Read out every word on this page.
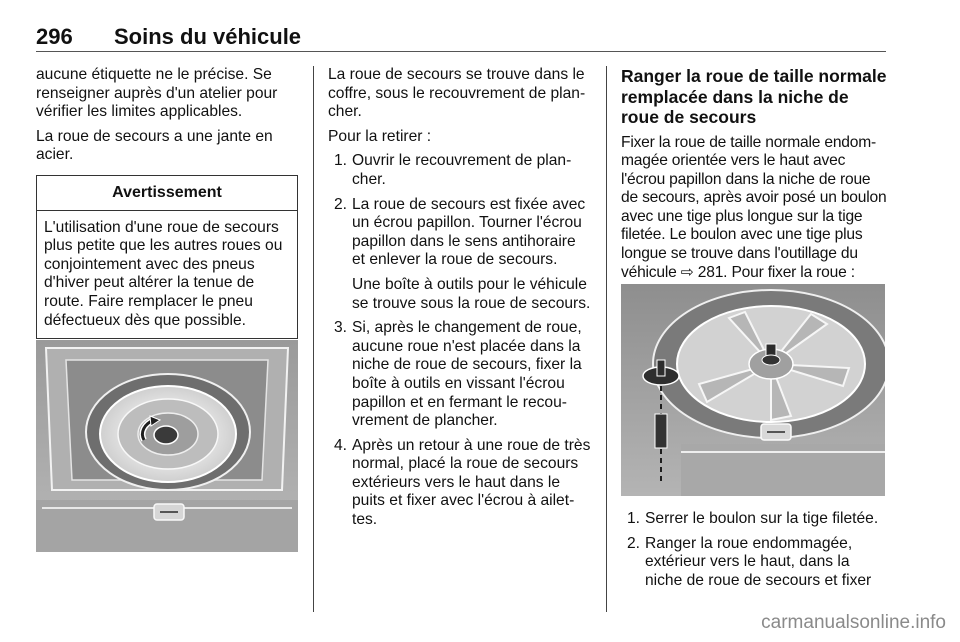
296 Soins du véhicule

aucune étiquette ne le précise. Se renseigner auprès d'un atelier pour vérifier les limites applicables.

La roue de secours a une jante en acier.

Avertissement
L'utilisation d'une roue de secours plus petite que les autres roues ou conjointement avec des pneus d'hiver peut altérer la tenue de route. Faire remplacer le pneu défectueux dès que possible.

La roue de secours se trouve dans le coffre, sous le recouvrement de plancher.

Pour la retirer :

1. Ouvrir le recouvrement de plancher.
2. La roue de secours est fixée avec un écrou papillon. Tourner l'écrou papillon dans le sens antihoraire et enlever la roue de secours.

Une boîte à outils pour le véhicule se trouve sous la roue de secours.

3. Si, après le changement de roue, aucune roue n'est placée dans la niche de roue de secours, fixer la boîte à outils en vissant l'écrou papillon et en fermant le recouvrement de plancher.
4. Après un retour à une roue de très normal, placé la roue de secours extérieurs vers le haut dans le puits et fixer avec l'écrou à ailettes.
Ranger la roue de taille normale remplacée dans la niche de roue de secours

Fixer la roue de taille normale endommagée orientée vers le haut avec l'écrou papillon dans la niche de roue de secours, après avoir posé un boulon avec une tige plus longue sur la tige filetée. Le boulon avec une tige plus longue se trouve dans l'outillage du véhicule ⇨ 281. Pour fixer la roue :

1. Serrer le boulon sur la tige filetée.
2. Ranger la roue endommagée, extérieur vers le haut, dans la niche de roue de secours et fixer
carmanualsonline.info
